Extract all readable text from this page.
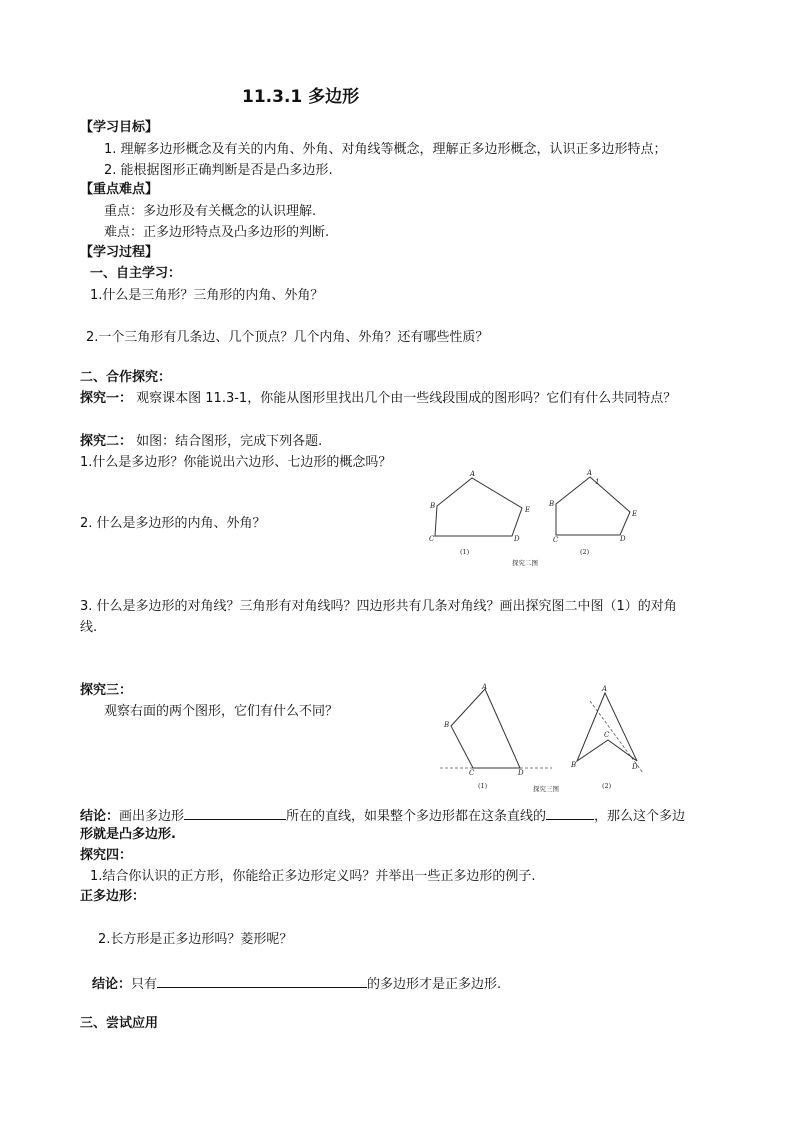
11.3.1 多边形
【学习目标】
1. 理解多边形概念及有关的内角、外角、对角线等概念，理解正多边形概念，认识正多边形特点；
2. 能根据图形正确判断是否是凸多边形.
【重点难点】
重点：多边形及有关概念的认识理解.
难点：正多边形特点及凸多边形的判断.
【学习过程】
一、自主学习：
1.什么是三角形？三角形的内角、外角？
2.一个三角形有几条边、几个顶点？几个内角、外角？还有哪些性质？
二、合作探究：
探究一： 观察课本图 11.3-1，你能从图形里找出几个由一些线段围成的图形吗？它们有什么共同特点？
探究二： 如图：结合图形，完成下列各题.
1.什么是多边形？你能说出六边形、七边形的概念吗？
2. 什么是多边形的内角、外角？
A
B
C	D
E
(1)
A
1
E
D
C
B
(2)
探究二图
3. 什么是多边形的对角线？三角形有对角线吗？四边形共有几条对角线？画出探究图二中图（1）的对角
线.
探究三：
观察右面的两个图形，它们有什么不同？
A
B
C	D
(1)
A
B
C
D
(2)
探究三图
结论：画出多边形	所在的直线，如果整个多边形都在这条直线的	，那么这个多边
形就是凸多边形.
探究四：
1.结合你认识的正方形，你能给正多边形定义吗？并举出一些正多边形的例子.
正多边形：
2.长方形是正多边形吗？菱形呢？
结论：只有	的多边形才是正多边形.
三、尝试应用
